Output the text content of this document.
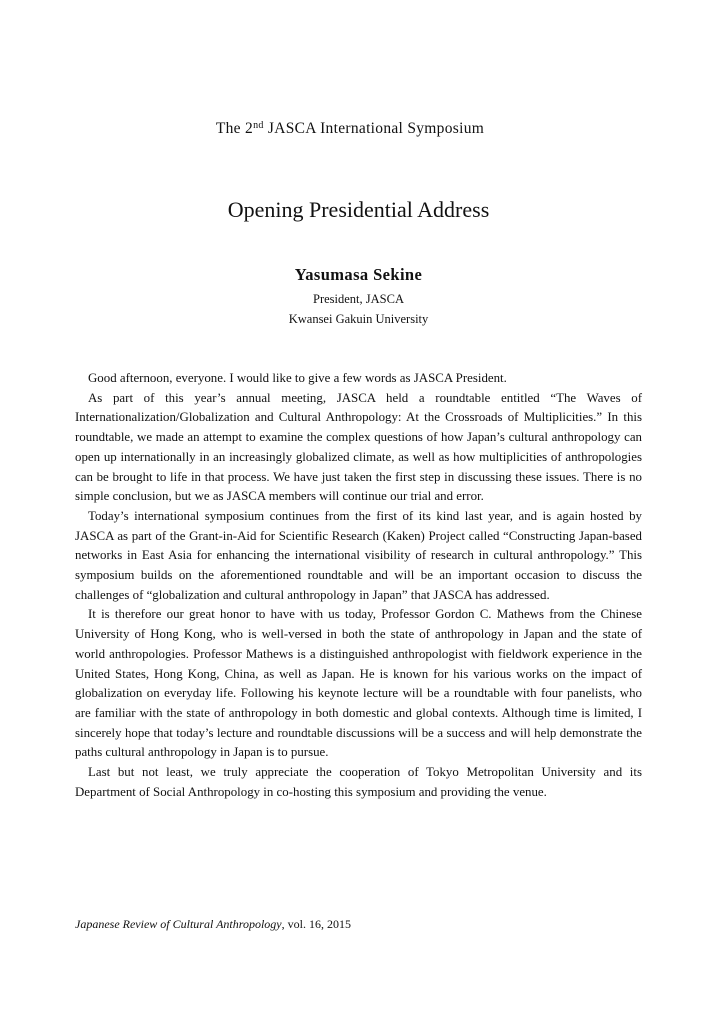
The 2nd JASCA International Symposium
Opening Presidential Address
Yasumasa Sekine
President, JASCA
Kwansei Gakuin University

Good afternoon, everyone. I would like to give a few words as JASCA President.

As part of this year’s annual meeting, JASCA held a roundtable entitled “The Waves of Internationalization/Globalization and Cultural Anthropology: At the Crossroads of Multiplicities.” In this roundtable, we made an attempt to examine the complex questions of how Japan’s cultural anthropology can open up internationally in an increasingly globalized climate, as well as how multiplicities of anthropologies can be brought to life in that process. We have just taken the first step in discussing these issues. There is no simple conclusion, but we as JASCA members will continue our trial and error.

Today’s international symposium continues from the first of its kind last year, and is again hosted by JASCA as part of the Grant-in-Aid for Scientific Research (Kaken) Project called “Constructing Japan-based networks in East Asia for enhancing the international visibility of research in cultural anthropology.” This symposium builds on the aforementioned roundtable and will be an important occasion to discuss the challenges of “globalization and cultural anthropology in Japan” that JASCA has addressed.

It is therefore our great honor to have with us today, Professor Gordon C. Mathews from the Chinese University of Hong Kong, who is well-versed in both the state of anthropology in Japan and the state of world anthropologies. Professor Mathews is a distinguished anthropologist with fieldwork experience in the United States, Hong Kong, China, as well as Japan. He is known for his various works on the impact of globalization on everyday life. Following his keynote lecture will be a roundtable with four panelists, who are familiar with the state of anthropology in both domestic and global contexts. Although time is limited, I sincerely hope that today’s lecture and roundtable discussions will be a success and will help demonstrate the paths cultural anthropology in Japan is to pursue.

Last but not least, we truly appreciate the cooperation of Tokyo Metropolitan University and its Department of Social Anthropology in co-hosting this symposium and providing the venue.

Japanese Review of Cultural Anthropology, vol. 16, 2015
